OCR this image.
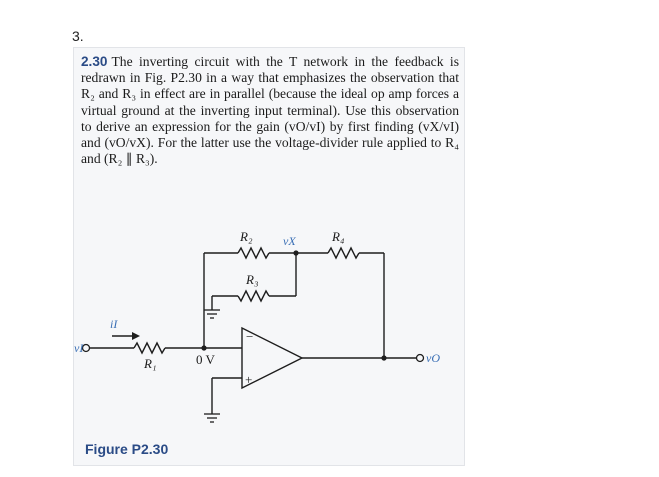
3.
2.30 The inverting circuit with the T network in the feedback is redrawn in Fig. P2.30 in a way that emphasizes the observation that R₂ and R₃ in effect are in parallel (because the ideal op amp forces a virtual ground at the inverting input terminal). Use this observation to derive an expression for the gain (vO/vI) by first finding (vX/vI) and (vO/vX). For the latter use the voltage-divider rule applied to R₄ and (R₂ ∥ R₃).
R₂	vX	R₄
R₃
iI
vI
R₁	0 V
−
+
vO
Figure P2.30
